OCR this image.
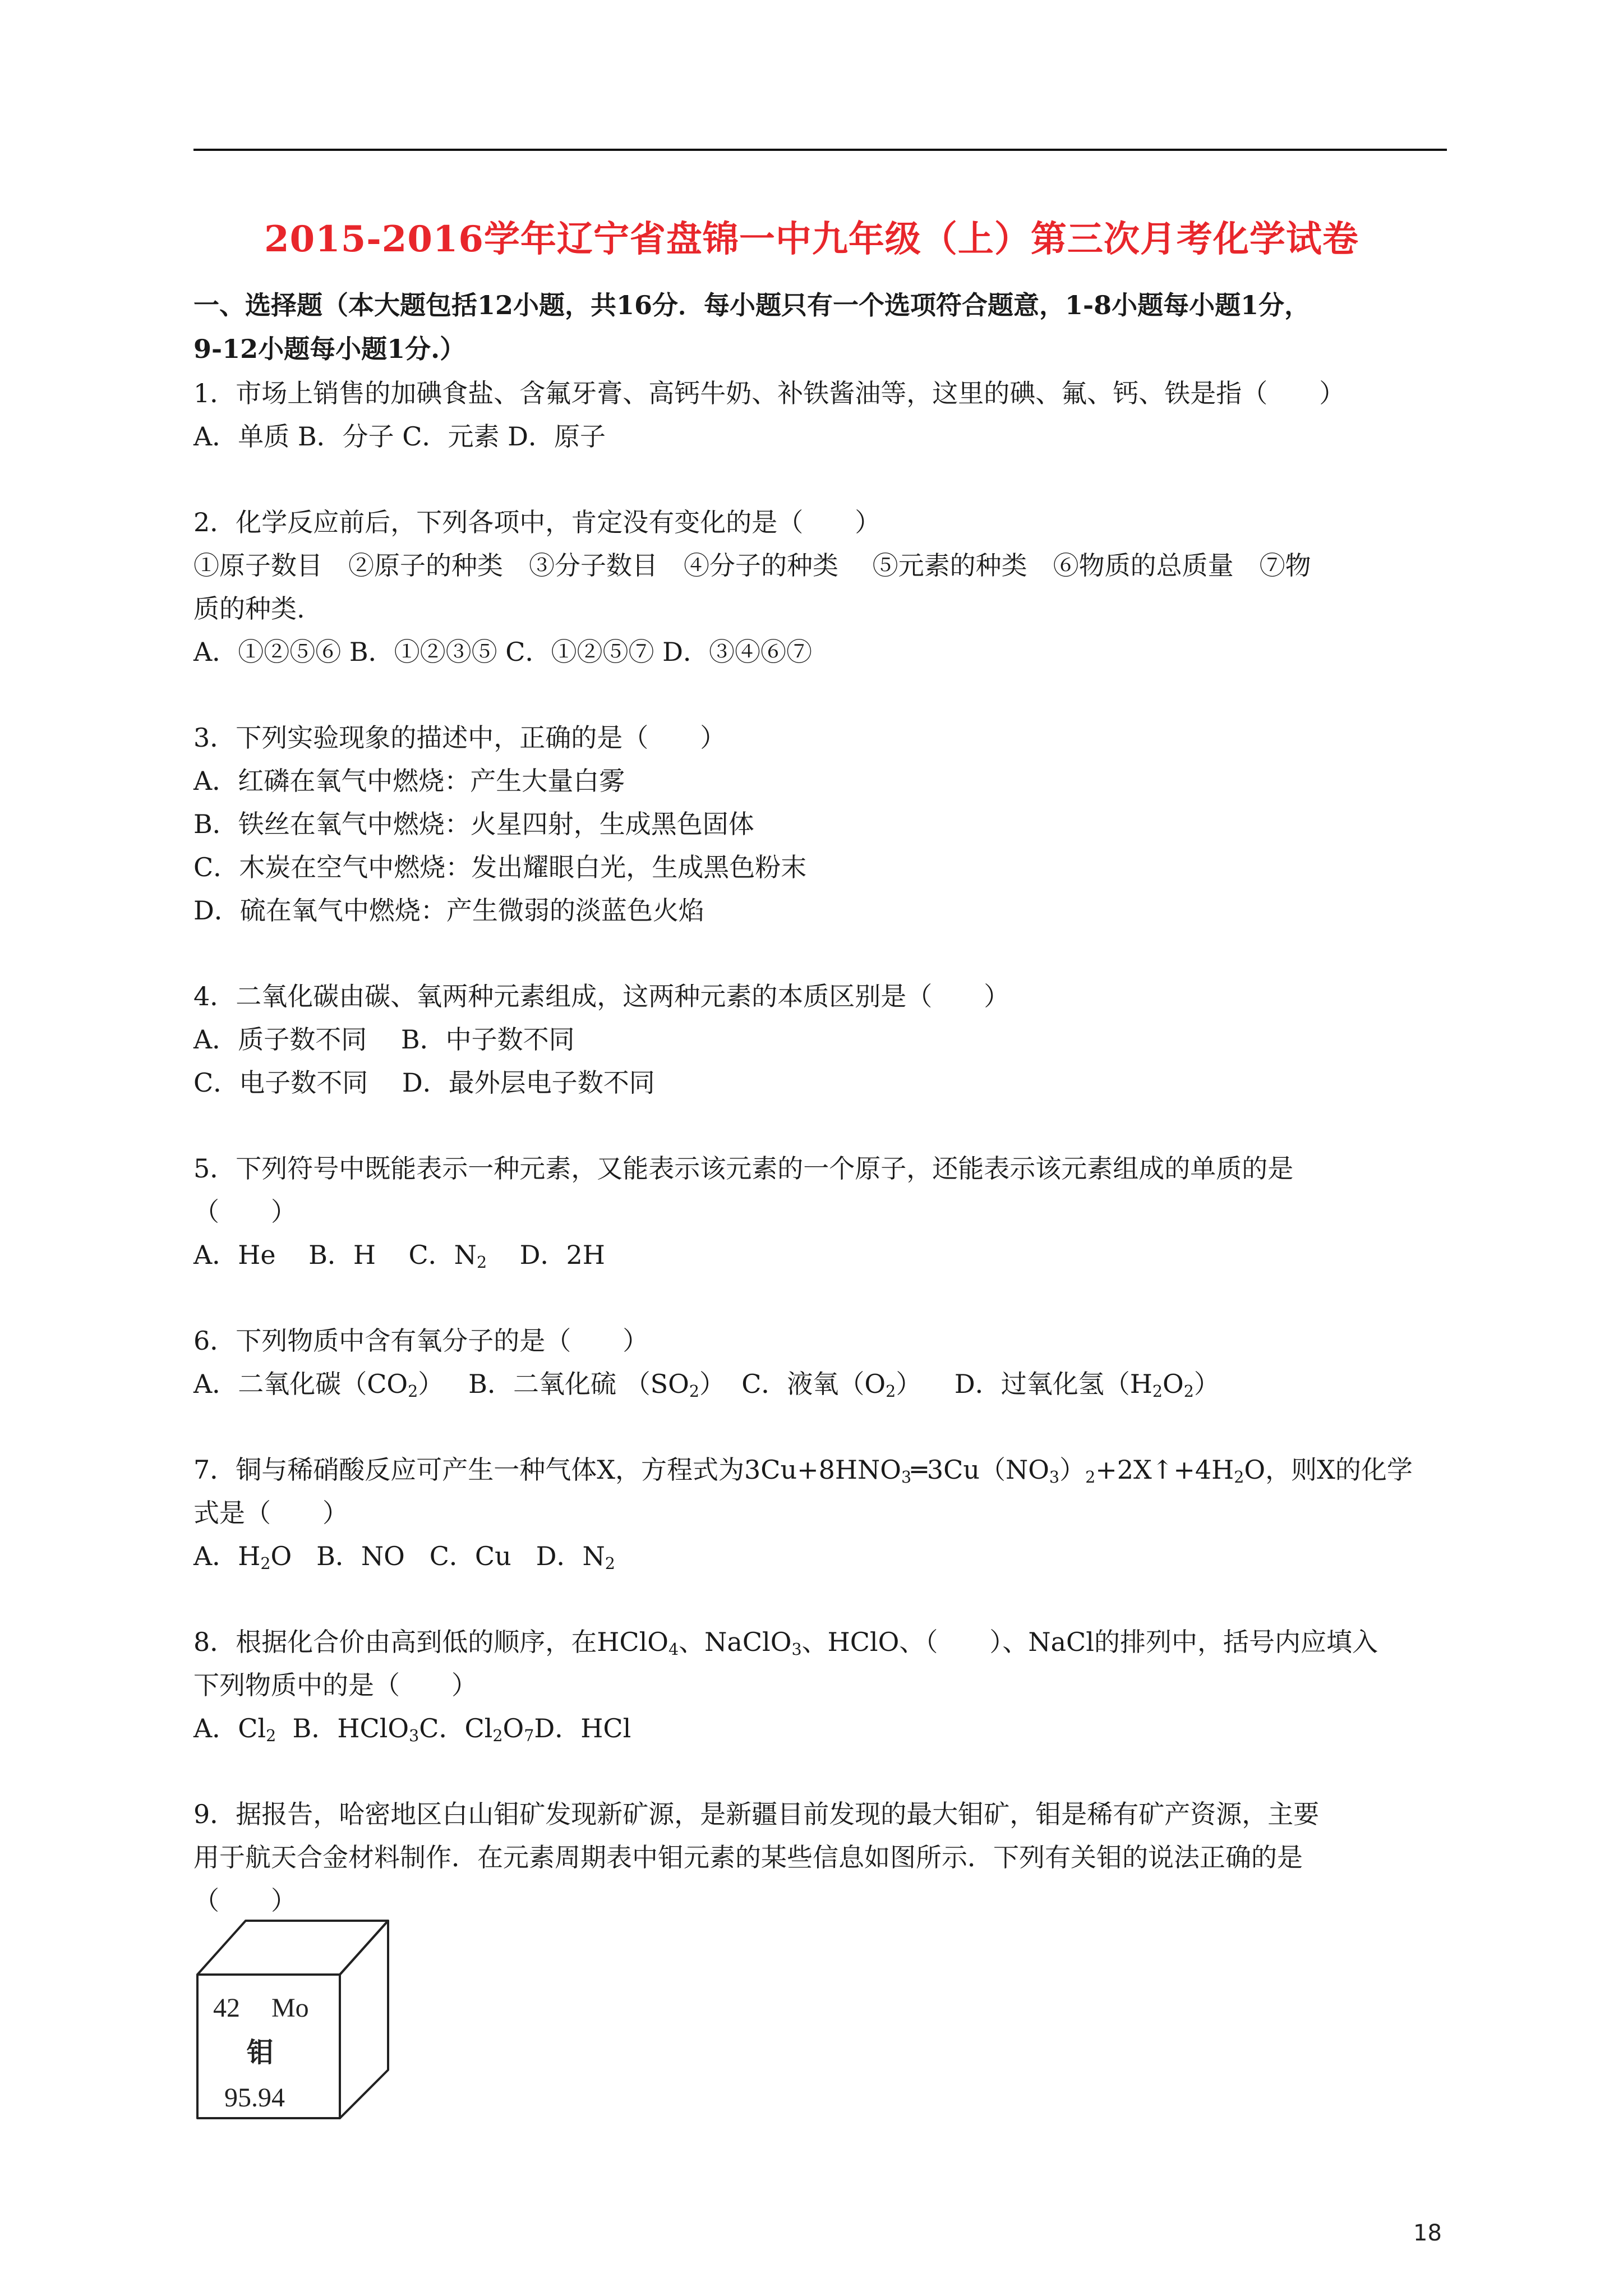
2015-2016学年辽宁省盘锦一中九年级（上）第三次月考化学试卷
一、选择题（本大题包括12小题，共16分．每小题只有一个选项符合题意，1-8小题每小题1分，
9-12小题每小题1分.）
1．市场上销售的加碘食盐、含氟牙膏、高钙牛奶、补铁酱油等，这里的碘、氟、钙、铁是指（　　）
A．单质 B．分子 C．元素 D．原子
2．化学反应前后，下列各项中，肯定没有变化的是（　　）
①原子数目　②原子的种类　③分子数目　④分子的种类　 ⑤元素的种类　⑥物质的总质量　⑦物
质的种类.
A．①②⑤⑥ B．①②③⑤ C．①②⑤⑦ D．③④⑥⑦
3．下列实验现象的描述中，正确的是（　　）
A．红磷在氧气中燃烧：产生大量白雾
B．铁丝在氧气中燃烧：火星四射，生成黑色固体
C．木炭在空气中燃烧：发出耀眼白光，生成黑色粉末
D．硫在氧气中燃烧：产生微弱的淡蓝色火焰
4．二氧化碳由碳、氧两种元素组成，这两种元素的本质区别是（　　）
A．质子数不同　 B．中子数不同
C．电子数不同　 D．最外层电子数不同
5．下列符号中既能表示一种元素，又能表示该元素的一个原子，还能表示该元素组成的单质的是
（　　）
A．He B．H C．$N_2$ D．2H
6．下列物质中含有氧分子的是（　　）
A．二氧化碳$(CO_2)$ B．二氧化硫 $(SO_2)$ C．液氧$(O_2)$ D．过氧化氢$(H_2O_2)$
7．铜与稀硝酸反应可产生一种气体X，方程式为$3Cu+8HNO_3═3Cu(NO_3)_2+2X↑+4H_2O$，则X的化学
式是（　　）
A．$H_2O$ B．NO C．Cu D．$N_2$
8．根据化合价由高到低的顺序，在HClO$_4$、NaClO$_3$、HClO、（　　）、NaCl的排列中，括号内应填入
下列物质中的是（　　）
A．$Cl_2$ B．HClO$_3$C．$Cl_2O_7D$．HCl
9．据报告，哈密地区白山钼矿发现新矿源，是新疆目前发现的最大钼矿，钼是稀有矿产资源，主要
用于航天合金材料制作．在元素周期表中钼元素的某些信息如图所示．下列有关钼的说法正确的是
（　　）
42 Mo
钼
95.94
18
